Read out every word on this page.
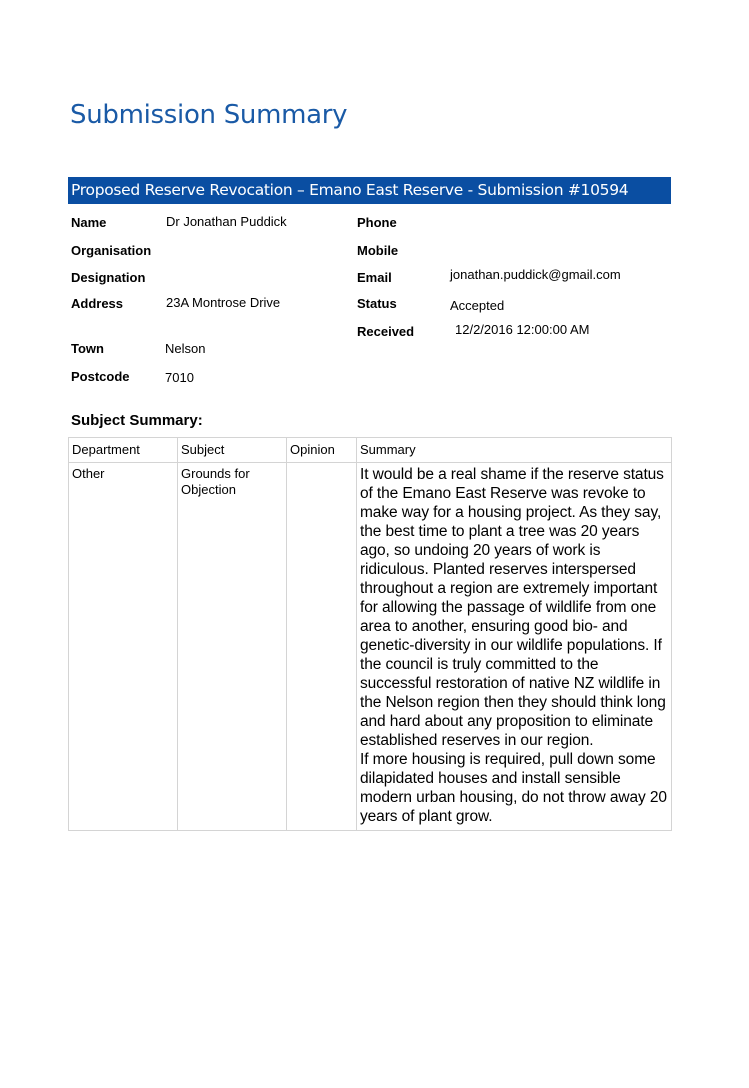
Submission Summary
Proposed Reserve Revocation – Emano East Reserve - Submission #10594
Name	Dr Jonathan Puddick
Organisation
Designation
Address	23A Montrose Drive
Town	Nelson
Postcode	7010
Phone
Mobile
Email	jonathan.puddick@gmail.com
Status	Accepted
Received	12/2/2016 12:00:00 AM
Subject Summary:
Department	Subject	Opinion	Summary
Other	Grounds for Objection		It would be a real shame if the reserve status of the Emano East Reserve was revoke to make way for a housing project. As they say, the best time to plant a tree was 20 years ago, so undoing 20 years of work is ridiculous. Planted reserves interspersed throughout a region are extremely important for allowing the passage of wildlife from one area to another, ensuring good bio- and genetic-diversity in our wildlife populations. If the council is truly committed to the successful restoration of native NZ wildlife in the Nelson region then they should think long and hard about any proposition to eliminate established reserves in our region.
If more housing is required, pull down some dilapidated houses and install sensible modern urban housing, do not throw away 20 years of plant grow.
